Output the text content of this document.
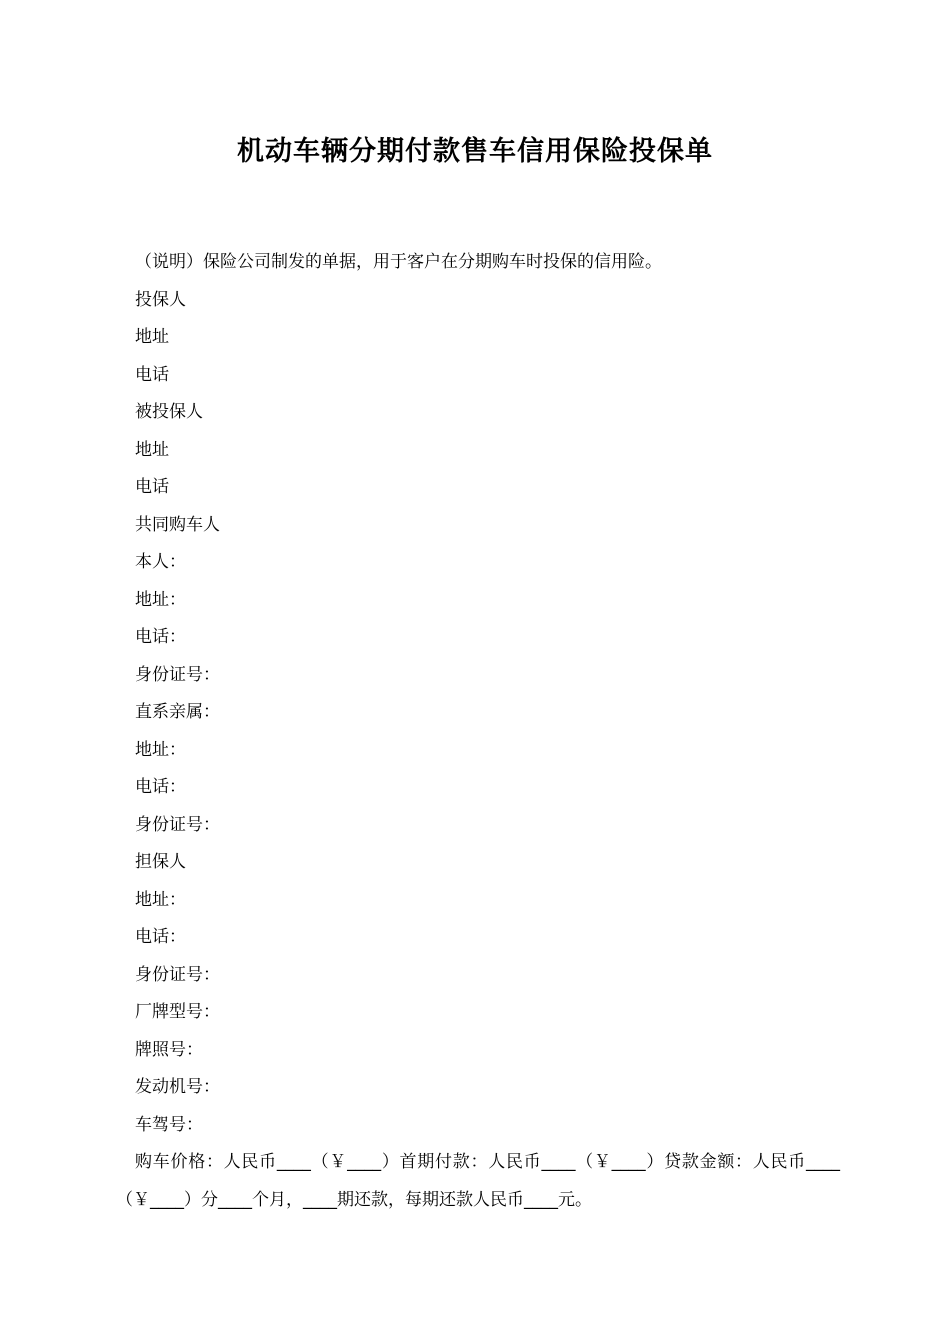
机动车辆分期付款售车信用保险投保单

（说明）保险公司制发的单据，用于客户在分期购车时投保的信用险。

投保人
地址
电话
被投保人
地址
电话
共同购车人
本人：
地址：
电话：
身份证号：
直系亲属：
地址：
电话：
身份证号：
担保人
地址：
电话：
身份证号：
厂牌型号：
牌照号：
发动机号：
车驾号：

购车价格：人民币____（￥____）首期付款：人民币____（￥____）贷款金额：人民币____（￥____）分____个月，____期还款，每期还款人民币____元。
